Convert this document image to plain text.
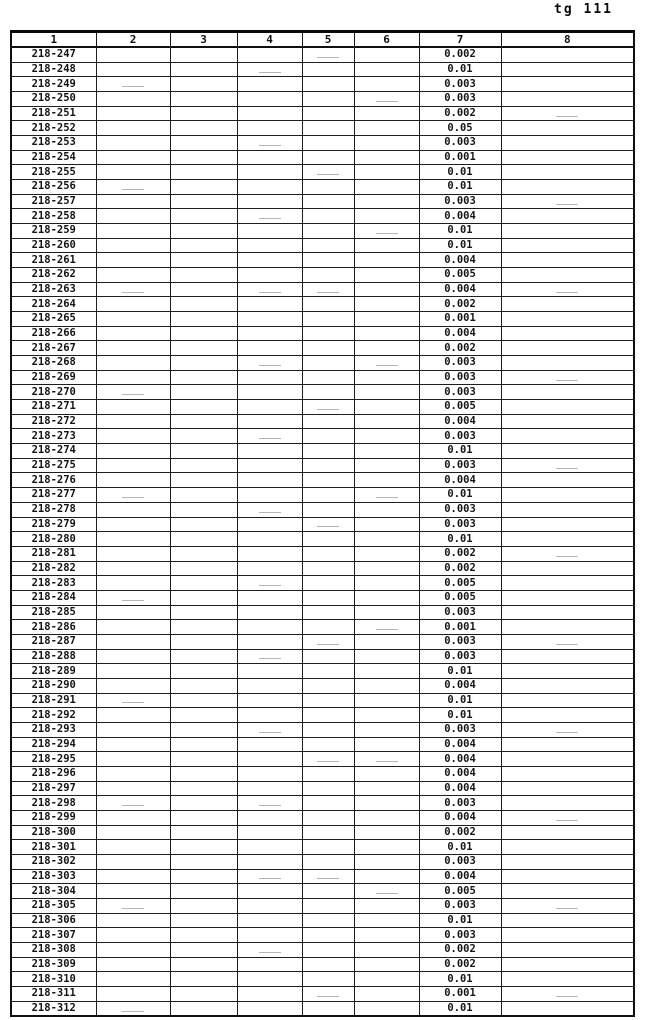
tg 111
1	2	3	4	5	6	7	8
218-247						0.002	
218-248						0.01	
218-249						0.003	
218-250						0.003	
218-251						0.002	
218-252						0.05	
218-253						0.003	
218-254						0.001	
218-255						0.01	
218-256						0.01	
218-257						0.003	
218-258						0.004	
218-259						0.01	
218-260						0.01	
218-261						0.004	
218-262						0.005	
218-263						0.004	
218-264						0.002	
218-265						0.001	
218-266						0.004	
218-267						0.002	
218-268						0.003	
218-269						0.003	
218-270						0.003	
218-271						0.005	
218-272						0.004	
218-273						0.003	
218-274						0.01	
218-275						0.003	
218-276						0.004	
218-277						0.01	
218-278						0.003	
218-279						0.003	
218-280						0.01	
218-281						0.002	
218-282						0.002	
218-283						0.005	
218-284						0.005	
218-285						0.003	
218-286						0.001	
218-287						0.003	
218-288						0.003	
218-289						0.01	
218-290						0.004	
218-291						0.01	
218-292						0.01	
218-293						0.003	
218-294						0.004	
218-295						0.004	
218-296						0.004	
218-297						0.004	
218-298						0.003	
218-299						0.004	
218-300						0.002	
218-301						0.01	
218-302						0.003	
218-303						0.004	
218-304						0.005	
218-305						0.003	
218-306						0.01	
218-307						0.003	
218-308						0.002	
218-309						0.002	
218-310						0.01	
218-311						0.001	
218-312						0.01	
